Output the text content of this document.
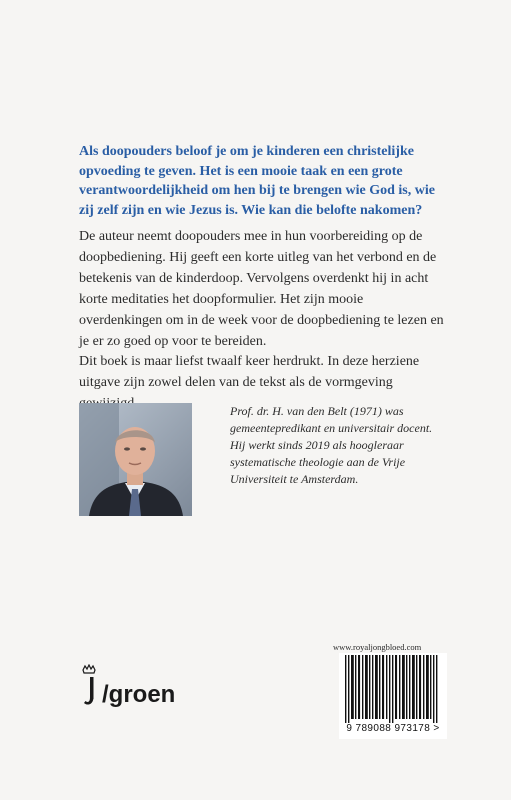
Als doopouders beloof je om je kinderen een christelijke opvoeding te geven. Het is een mooie taak en een grote verantwoordelijkheid om hen bij te brengen wie God is, wie zij zelf zijn en wie Jezus is. Wie kan die belofte nakomen?

De auteur neemt doopouders mee in hun voorbereiding op de doopbediening. Hij geeft een korte uitleg van het verbond en de betekenis van de kinderdoop. Vervolgens overdenkt hij in acht korte meditaties het doopformulier. Het zijn mooie overdenkingen om in de week voor de doopbediening te lezen en je er zo goed op voor te bereiden.

Dit boek is maar liefst twaalf keer herdrukt. In deze herziene uitgave zijn zowel delen van de tekst als de vormgeving

Prof. dr. H. van den Belt (1971) was gemeentepredikant en universitair docent. Hij werkt sinds 2019 als hoogleraar systematische theologie aan de Vrije Universiteit te Amsterdam.

/groen
www.royaljongbloed.com
9 789088 973178 >
